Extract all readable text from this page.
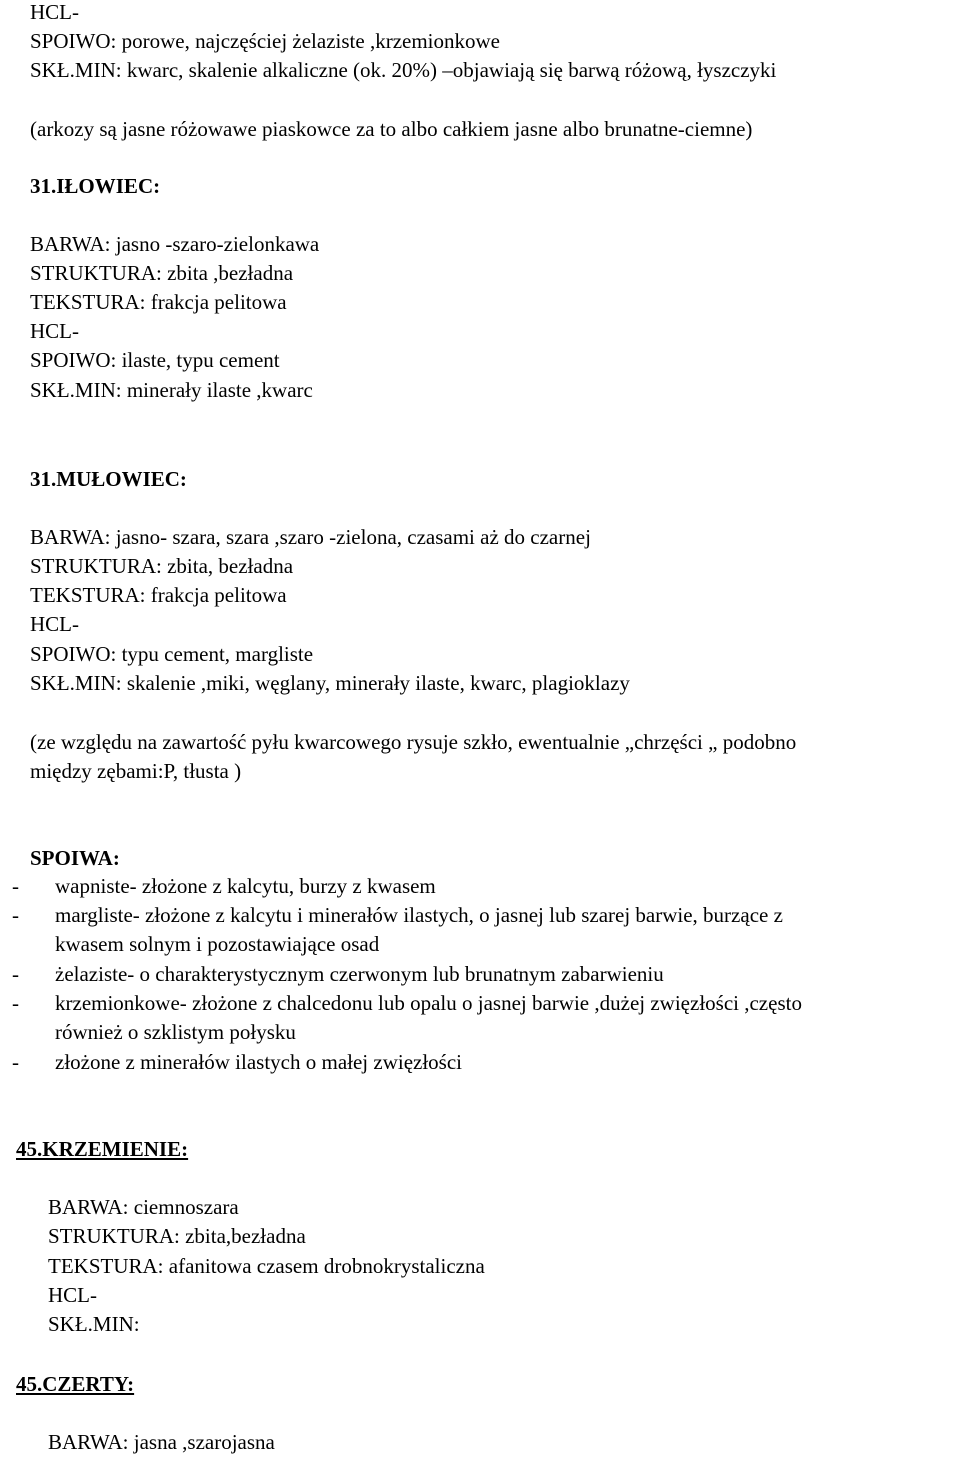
HCL-
SPOIWO: porowe, najczęściej żelaziste ,krzemionkowe
SKŁ.MIN: kwarc, skalenie alkaliczne (ok. 20%) –objawiają się barwą różową, łyszczyki
(arkozy są jasne różowawe piaskowce za to albo całkiem jasne albo brunatne-ciemne)
31.IŁOWIEC:
BARWA: jasno -szaro-zielonkawa
STRUKTURA: zbita ,bezładna
TEKSTURA: frakcja pelitowa
HCL-
SPOIWO: ilaste, typu cement
SKŁ.MIN: minerały ilaste ,kwarc
31.MUŁOWIEC:
BARWA: jasno- szara, szara ,szaro -zielona, czasami aż do czarnej
STRUKTURA: zbita, bezładna
TEKSTURA: frakcja pelitowa
HCL-
SPOIWO: typu cement, margliste
SKŁ.MIN: skalenie ,miki, węglany, minerały ilaste, kwarc, plagioklazy
(ze względu na zawartość pyłu kwarcowego rysuje szkło, ewentualnie „chrzęści „ podobno
między zębami:P, tłusta )
SPOIWA:
- wapniste- złożone z kalcytu, burzy z kwasem
- margliste- złożone z kalcytu i minerałów ilastych, o jasnej lub szarej barwie, burzące z
kwasem solnym i pozostawiające osad
- żelaziste- o charakterystycznym czerwonym lub brunatnym zabarwieniu
- krzemionkowe- złożone z chalcedonu lub opalu o jasnej barwie ,dużej zwięzłości ,często
również o szklistym połysku
- złożone z minerałów ilastych o małej zwięzłości
45.KRZEMIENIE:
BARWA: ciemnoszara
STRUKTURA: zbita,bezładna
TEKSTURA: afanitowa czasem drobnokrystaliczna
HCL-
SKŁ.MIN:
45.CZERTY:
BARWA: jasna ,szarojasna
